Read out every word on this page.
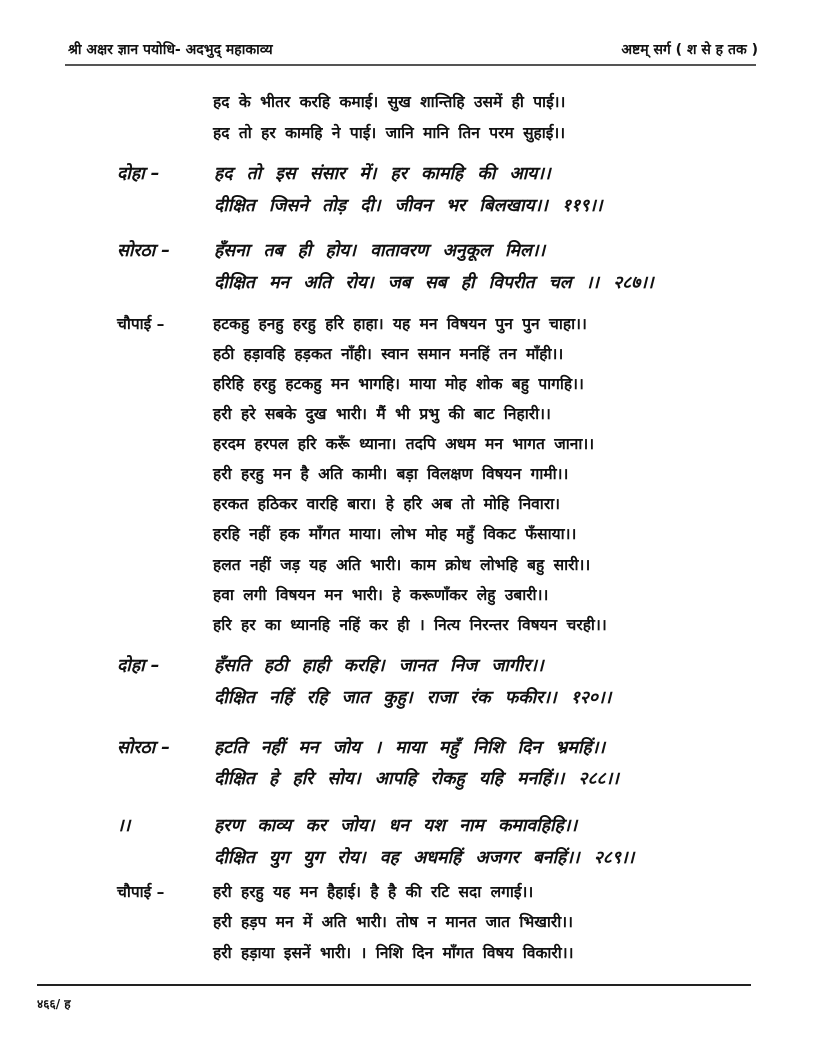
श्री अक्षर ज्ञान पयोधि- अदभुद् महाकाव्य	अष्टम् सर्ग ( श से ह तक )
हद के भीतर करहि कमाई। सुख शान्तिहि उसमें ही पाई।।
हद तो हर कामहि ने पाई। जानि मानि तिन परम सुहाई।।
दोहा –	हद तो इस संसार में। हर कामहि की आय।।
दीक्षित जिसने तोड़ दी। जीवन भर बिलखाय।। ११९।।
सोरठा –	हँसना तब ही होय। वातावरण अनुकूल मिल।।
दीक्षित मन अति रोय। जब सब ही विपरीत चल ।। २८७।।
चौपाई –	हटकहु हनहु हरहु हरि हाहा। यह मन विषयन पुन पुन चाहा।।
हठी हड़ावहि हड़कत नाँही। स्वान समान मनहिं तन माँही।।
हरिहि हरहु हटकहु मन भागहि। माया मोह शोक बहु पागहि।।
हरी हरे सबके दुख भारी। मैं भी प्रभु की बाट निहारी।।
हरदम हरपल हरि करूँ ध्याना। तदपि अधम मन भागत जाना।।
हरी हरहु मन है अति कामी। बड़ा विलक्षण विषयन गामी।।
हरकत हठिकर वारहि बारा। हे हरि अब तो मोहि निवारा।
हरहि नहीं हक माँगत माया। लोभ मोह महुँ विकट फँसाया।।
हलत नहीं जड़ यह अति भारी। काम क्रोध लोभहि बहु सारी।।
हवा लगी विषयन मन भारी। हे करूणाँकर लेहु उबारी।।
हरि हर का ध्यानहि नहिं कर ही । नित्य निरन्तर विषयन चरही।।
दोहा –	हँसति हठी हाही करहि। जानत निज जागीर।।
दीक्षित नहिं रहि जात कुहु। राजा रंक फकीर।। १२०।।
सोरठा –	हटति नहीं मन जोय । माया महुँ निशि दिन भ्रमहिं।।
दीक्षित हे हरि सोय। आपहि रोकहु यहि मनहिं।। २८८।।
।।	हरण काव्य कर जोय। धन यश नाम कमावहिहि।।
दीक्षित युग युग रोय। वह अधमहिं अजगर बनहिं।। २८९।।
चौपाई –	हरी हरहु यह मन हैहाई। है है की रटि सदा लगाई।।
हरी हड़प मन में अति भारी। तोष न मानत जात भिखारी।।
हरी हड़ाया इसनें भारी। । निशि दिन माँगत विषय विकारी।।
४६६/ ह
